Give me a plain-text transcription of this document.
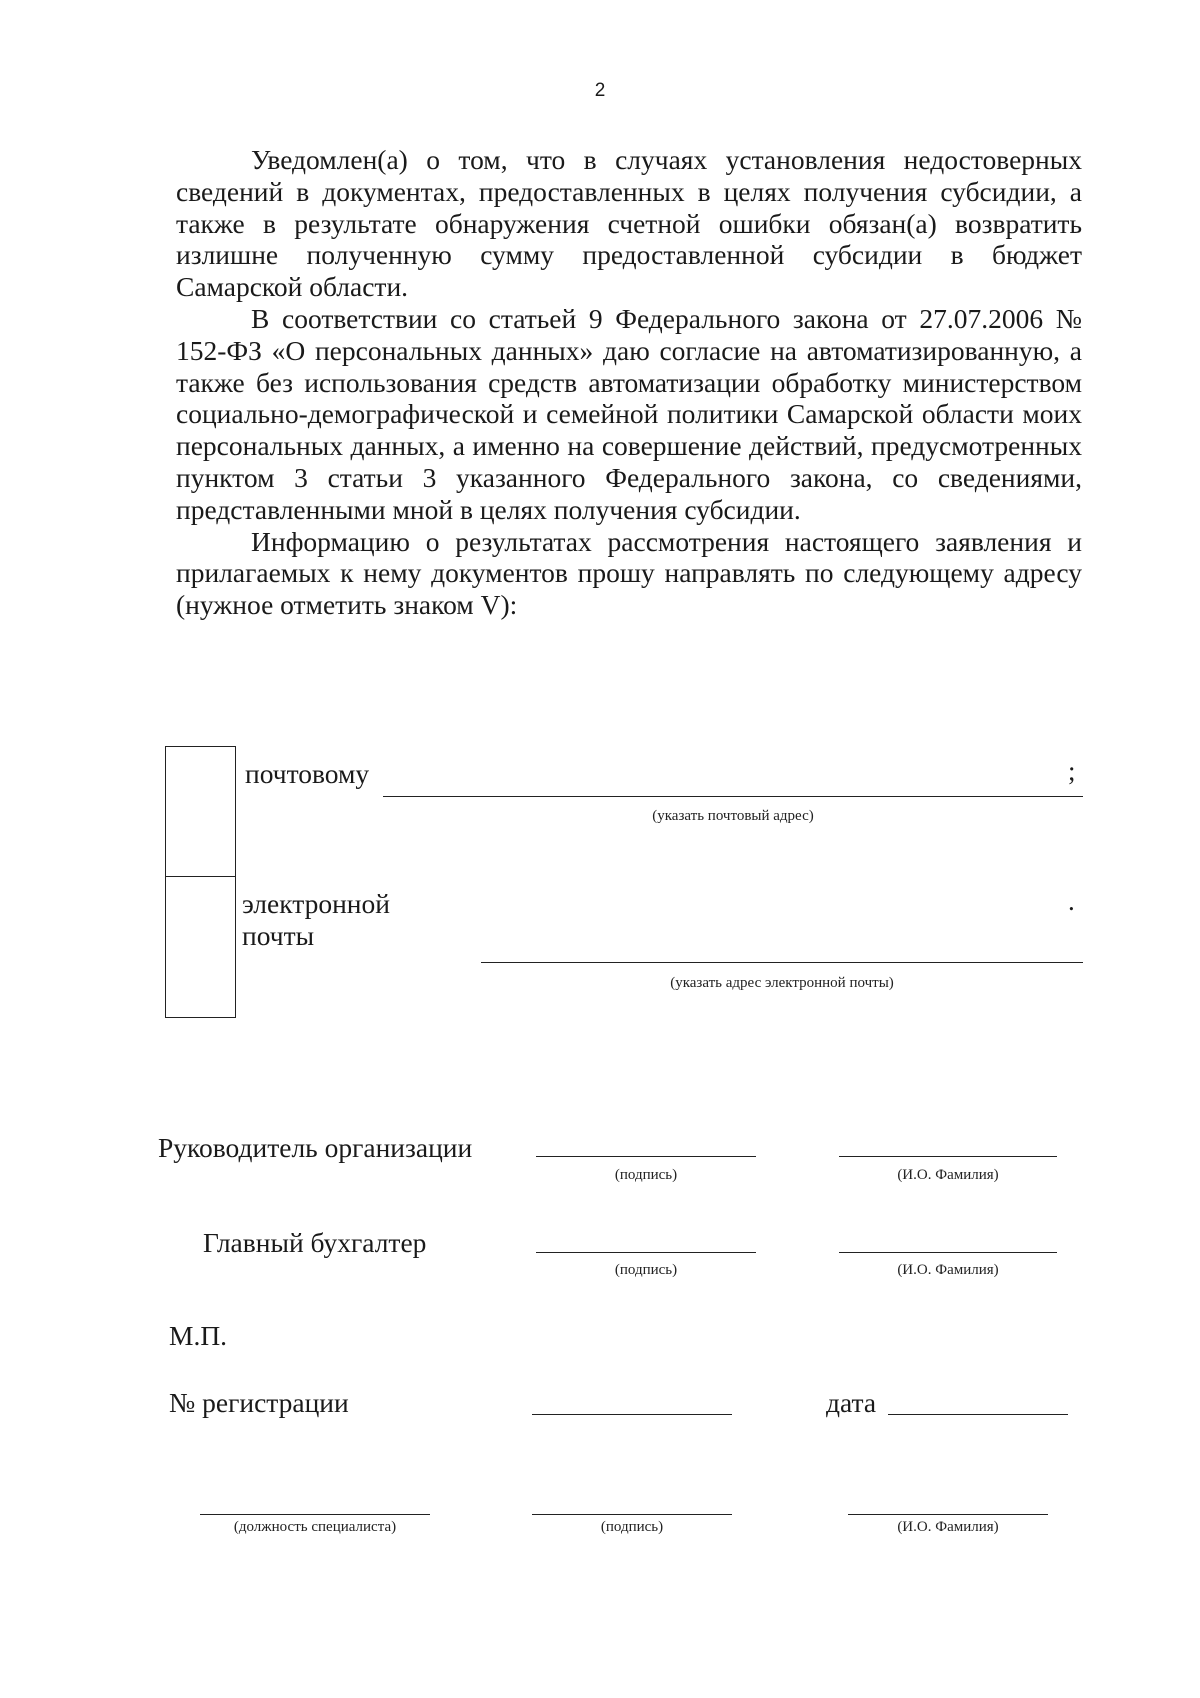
2

Уведомлен(а) о том, что в случаях установления недостоверных сведений в документах, предоставленных в целях получения субсидии, а также в результате обнаружения счетной ошибки обязан(а) возвратить излишне полученную сумму предоставленной субсидии в бюджет Самарской области.

В соответствии со статьей 9 Федерального закона от 27.07.2006 № 152-ФЗ «О персональных данных» даю согласие на автоматизированную, а также без использования средств автоматизации обработку министерством социально-демографической и семейной политики Самарской области моих персональных данных, а именно на совершение действий, предусмотренных пунктом 3 статьи 3 указанного Федерального закона, со сведениями, представленными мной в целях получения субсидии.

Информацию о результатах рассмотрения настоящего заявления и прилагаемых к нему документов прошу направлять по следующему адресу (нужное отметить знаком V):

почтовому	;
(указать почтовый адрес)
электронной
почты
.
(указать адрес электронной почты)
Руководитель организации
(подпись)	(И.О. Фамилия)
Главный бухгалтер
(подпись)	(И.О. Фамилия)
М.П.
№ регистрации	дата
(должность специалиста)	(подпись)	(И.О. Фамилия)
